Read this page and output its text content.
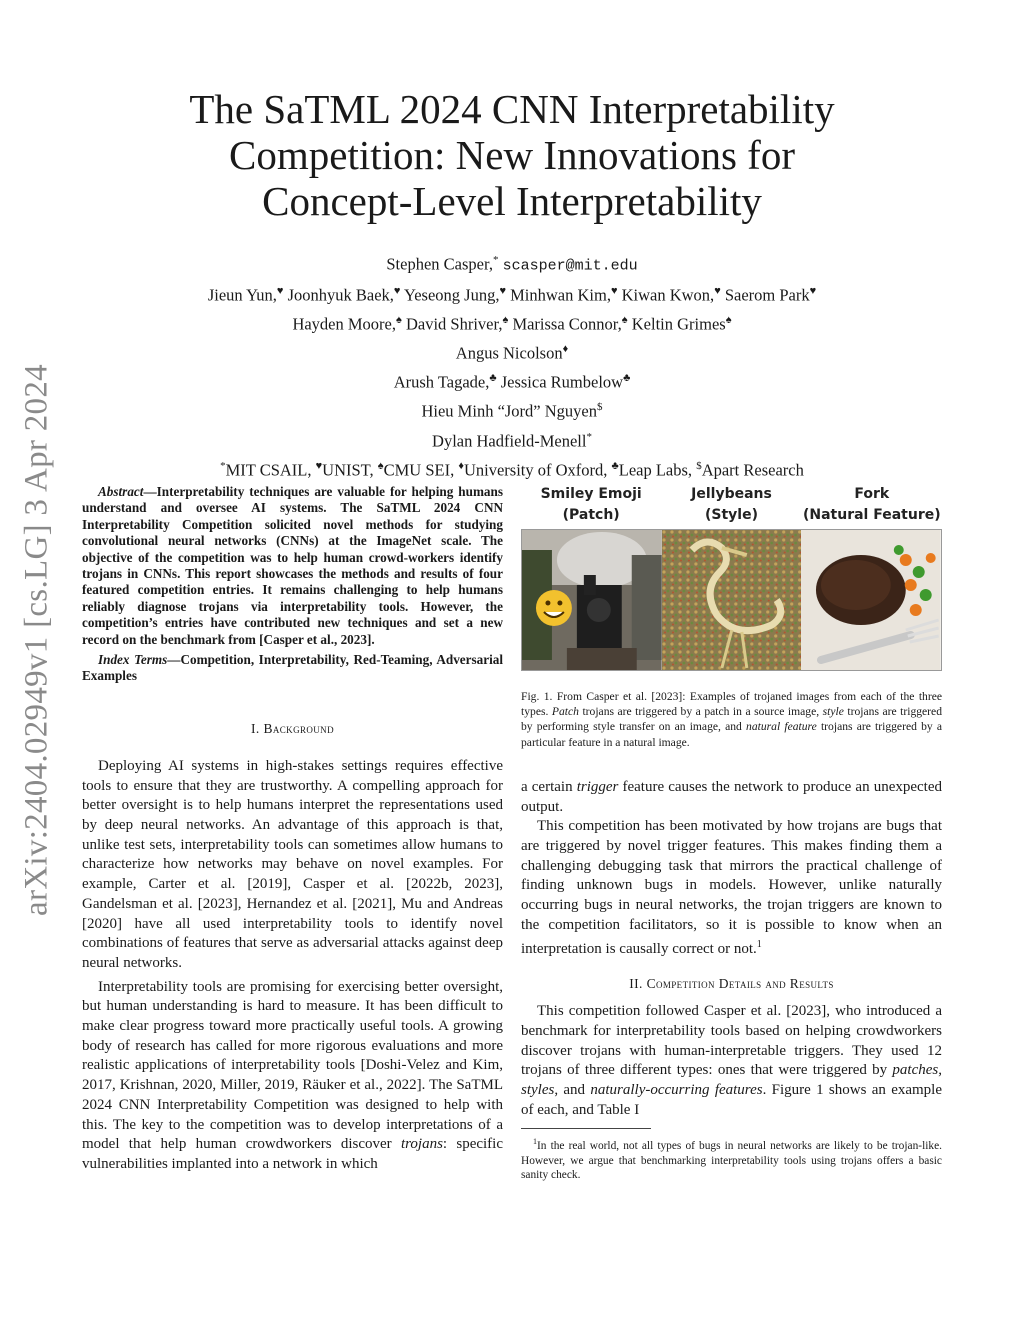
arXiv:2404.02949v1 [cs.LG] 3 Apr 2024
The SaTML 2024 CNN Interpretability
Competition: New Innovations for
Concept-Level Interpretability
Stephen Casper,* scasper@mit.edu
Jieun Yun,♥ Joonhyuk Baek,♥ Yeseong Jung,♥ Minhwan Kim,♥ Kiwan Kwon,♥ Saerom Park♥
Hayden Moore,♠ David Shriver,♠ Marissa Connor,♠ Keltin Grimes♠
Angus Nicolson♦
Arush Tagade,♣ Jessica Rumbelow♣
Hieu Minh “Jord” Nguyen$
Dylan Hadfield-Menell*
*MIT CSAIL, ♥UNIST, ♠CMU SEI, ♦University of Oxford, ♣Leap Labs, $Apart Research

Abstract—Interpretability techniques are valuable for helping humans understand and oversee AI systems. The SaTML 2024 CNN Interpretability Competition solicited novel methods for studying convolutional neural networks (CNNs) at the ImageNet scale. The objective of the competition was to help human crowd-workers identify trojans in CNNs. This report showcases the methods and results of four featured competition entries. It remains challenging to help humans reliably diagnose trojans via interpretability tools. However, the competition’s entries have contributed new techniques and set a new record on the benchmark from [Casper et al., 2023].

Index Terms—Competition, Interpretability, Red-Teaming, Adversarial Examples

I. Background

Deploying AI systems in high-stakes settings requires effective tools to ensure that they are trustworthy. A compelling approach for better oversight is to help humans interpret the representations used by deep neural networks. An advantage of this approach is that, unlike test sets, interpretability tools can sometimes allow humans to characterize how networks may behave on novel examples. For example, Carter et al. [2019], Casper et al. [2022b, 2023], Gandelsman et al. [2023], Hernandez et al. [2021], Mu and Andreas [2020] have all used interpretability tools to identify novel combinations of features that serve as adversarial attacks against deep neural networks.

Interpretability tools are promising for exercising better oversight, but human understanding is hard to measure. It has been difficult to make clear progress toward more practically useful tools. A growing body of research has called for more rigorous evaluations and more realistic applications of interpretability tools [Doshi-Velez and Kim, 2017, Krishnan, 2020, Miller, 2019, Räuker et al., 2022]. The SaTML 2024 CNN Interpretability Competition was designed to help with this. The key to the competition was to develop interpretations of a model that help human crowdworkers discover trojans: specific vulnerabilities implanted into a network in which

Smiley Emoji
(Patch)
Jellybeans
(Style)
Fork
(Natural Feature)
Fig. 1. From Casper et al. [2023]: Examples of trojaned images from each of the three types. Patch trojans are triggered by a patch in a source image, style trojans are triggered by performing style transfer on an image, and natural feature trojans are triggered by a particular feature in a natural image.

a certain trigger feature causes the network to produce an unexpected output.

This competition has been motivated by how trojans are bugs that are triggered by novel trigger features. This makes finding them a challenging debugging task that mirrors the practical challenge of finding unknown bugs in models. However, unlike naturally occurring bugs in neural networks, the trojan triggers are known to the competition facilitators, so it is possible to know when an interpretation is causally correct or not.$^1$

II. Competition Details and Results

This competition followed Casper et al. [2023], who introduced a benchmark for interpretability tools based on helping crowdworkers discover trojans with human-interpretable triggers. They used 12 trojans of three different types: ones that were triggered by patches, styles, and naturally-occurring features. Figure 1 shows an example of each, and Table I

$^1$In the real world, not all types of bugs in neural networks are likely to be trojan-like. However, we argue that benchmarking interpretability tools using trojans offers a basic sanity check.
